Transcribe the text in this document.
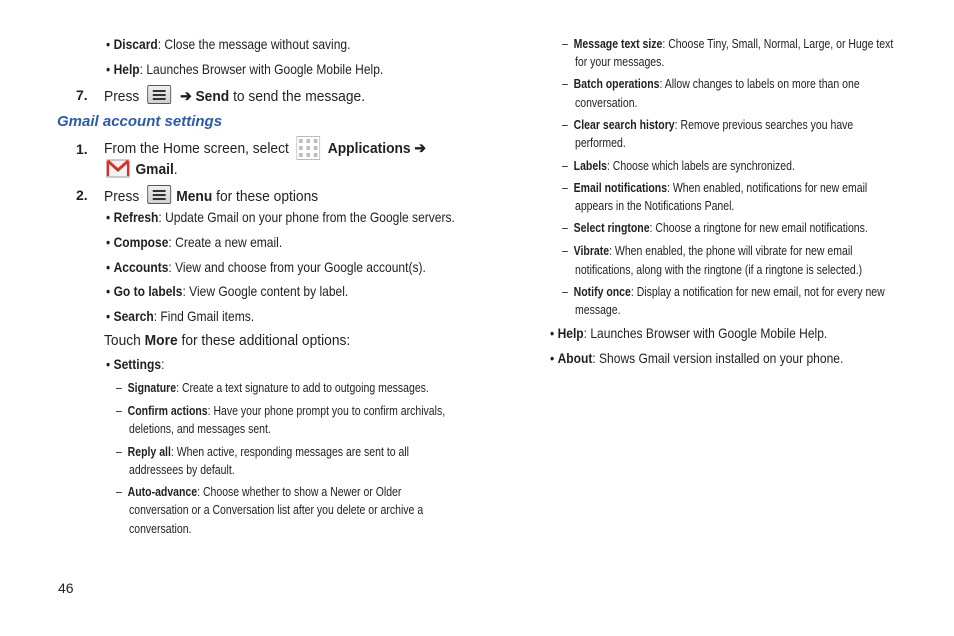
• Discard: Close the message without saving.
• Help: Launches Browser with Google Mobile Help.
7. Press	➔ Send to send the message.
Gmail account settings
1. From the Home screen, select	Applications ➔
Gmail.
2. Press Menu for these options
• Refresh: Update Gmail on your phone from the Google servers.
• Compose: Create a new email.
• Accounts: View and choose from your Google account(s).
• Go to labels: View Google content by label.
• Search: Find Gmail items.
Touch More for these additional options:
• Settings:
–  Signature: Create a text signature to add to outgoing messages.
–  Confirm actions: Have your phone prompt you to confirm archivals,
deletions, and messages sent.
–  Reply all: When active, responding messages are sent to all
addressees by default.
–  Auto-advance: Choose whether to show a Newer or Older
conversation or a Conversation list after you delete or archive a
conversation.
–  Message text size: Choose Tiny, Small, Normal, Large, or Huge text
for your messages.
–  Batch operations: Allow changes to labels on more than one
conversation.
–  Clear search history: Remove previous searches you have
performed.
–  Labels: Choose which labels are synchronized.
–  Email notifications: When enabled, notifications for new email
appears in the Notifications Panel.
–  Select ringtone: Choose a ringtone for new email notifications.
–  Vibrate: When enabled, the phone will vibrate for new email
notifications, along with the ringtone (if a ringtone is selected.)
–  Notify once: Display a notification for new email, not for every new
message.
• Help: Launches Browser with Google Mobile Help.
• About: Shows Gmail version installed on your phone.
46
